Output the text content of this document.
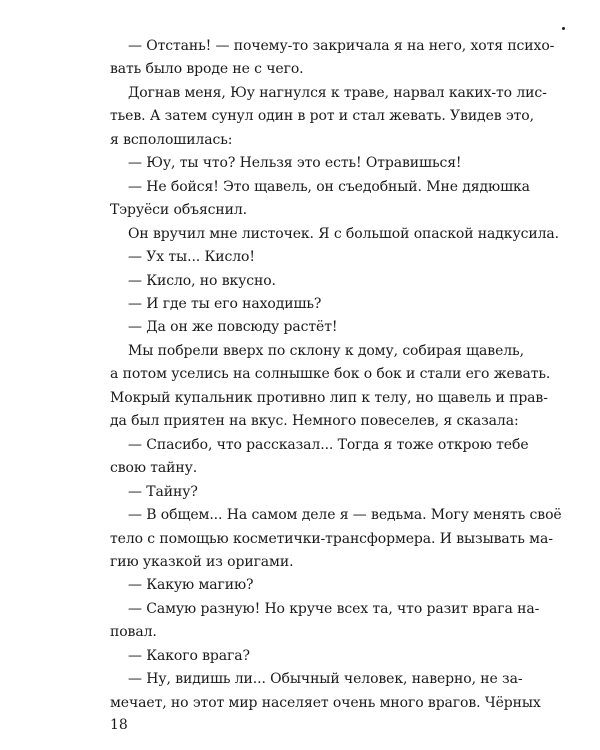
— Отстань! — почему-то закричала я на него, хотя психо-
вать было вроде не с чего.
Догнав меня, Юу нагнулся к траве, нарвал каких-то лис-
тьев. А затем сунул один в рот и стал жевать. Увидев это,
я всполошилась:
— Юу, ты что? Нельзя это есть! Отравишься!
— Не бойся! Это щавель, он съедобный. Мне дядюшка
Тэруёси объяснил.
Он вручил мне листочек. Я с большой опаской надкусила.
— Ух ты... Кисло!
— Кисло, но вкусно.
— И где ты его находишь?
— Да он же повсюду растёт!
Мы побрели вверх по склону к дому, собирая щавель,
а потом уселись на солнышке бок о бок и стали его жевать.
Мокрый купальник противно лип к телу, но щавель и прав-
да был приятен на вкус. Немного повеселев, я сказала:
— Спасибо, что рассказал... Тогда я тоже открою тебе
свою тайну.
— Тайну?
— В общем... На самом деле я — ведьма. Могу менять своё
тело с помощью косметички-трансформера. И вызывать ма-
гию указкой из оригами.
— Какую магию?
— Самую разную! Но круче всех та, что разит врага на-
повал.
— Какого врага?
— Ну, видишь ли... Обычный человек, наверно, не за-
мечает, но этот мир населяет очень много врагов. Чёрных
18
